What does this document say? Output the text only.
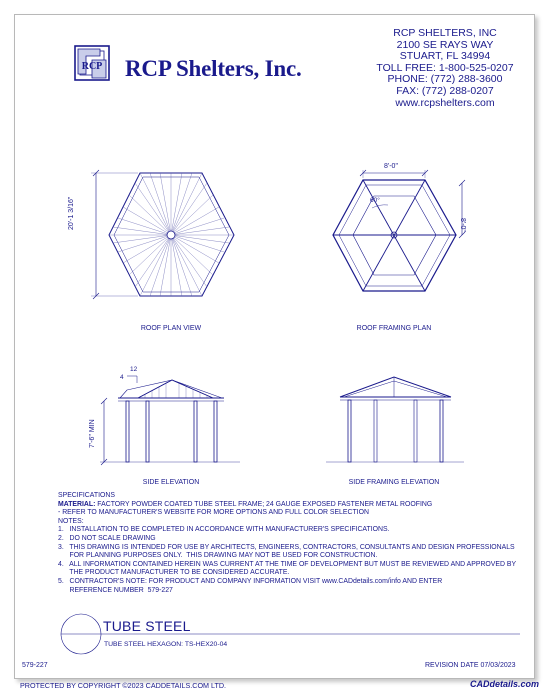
RCP RCP Shelters, Inc.
RCP SHELTERS, INC
2100 SE RAYS WAY
STUART, FL 34994
TOLL FREE: 1-800-525-0207
PHONE: (772) 288-3600
FAX: (772) 288-0207
www.rcpshelters.com
20'-1 3/16"
8'-0"
8'-0"
60°
12
4
7'-6" MIN
ROOF PLAN VIEW	ROOF FRAMING PLAN
SIDE ELEVATION	SIDE FRAMING ELEVATION
SPECIFICATIONS
MATERIAL: FACTORY POWDER COATED TUBE STEEL FRAME; 24 GAUGE EXPOSED FASTENER METAL ROOFING
- REFER TO MANUFACTURER'S WEBSITE FOR MORE OPTIONS AND FULL COLOR SELECTION
NOTES:
1.   INSTALLATION TO BE COMPLETED IN ACCORDANCE WITH MANUFACTURER'S SPECIFICATIONS.
2.   DO NOT SCALE DRAWING
3.   THIS DRAWING IS INTENDED FOR USE BY ARCHITECTS, ENGINEERS, CONTRACTORS, CONSULTANTS AND DESIGN PROFESSIONALS
FOR PLANNING PURPOSES ONLY.  THIS DRAWING MAY NOT BE USED FOR CONSTRUCTION.
4.   ALL INFORMATION CONTAINED HEREIN WAS CURRENT AT THE TIME OF DEVELOPMENT BUT MUST BE REVIEWED AND APPROVED BY
THE PRODUCT MANUFACTURER TO BE CONSIDERED ACCURATE.
5.   CONTRACTOR'S NOTE: FOR PRODUCT AND COMPANY INFORMATION VISIT www.CADdetails.com/info AND ENTER
REFERENCE NUMBER  579-227
TUBE STEEL
TUBE STEEL HEXAGON: TS-HEX20-04
579-227	REVISION DATE 07/03/2023
PROTECTED BY COPYRIGHT ©2023 CADDETAILS.COM LTD.	CADdetails.com
